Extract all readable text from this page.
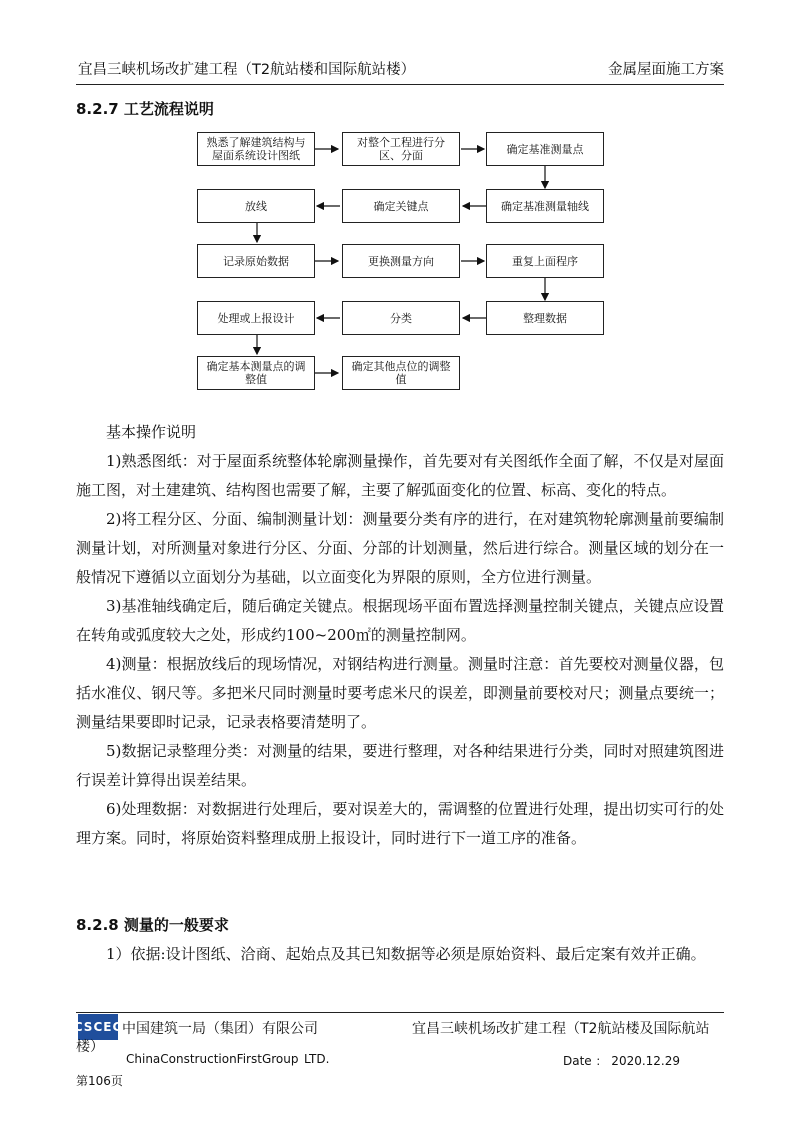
宜昌三峡机场改扩建工程（T2航站楼和国际航站楼）	金属屋面施工方案
8.2.7 工艺流程说明
熟悉了解建筑结构与屋面系统设计图纸
对整个工程进行分区、分面	确定基准测量点
放线	确定关键点	确定基准测量轴线
记录原始数据	更换测量方向	重复上面程序
处理或上报设计	分类	整理数据
确定基本测量点的调整值
确定其他点位的调整值

基本操作说明

1)熟悉图纸：对于屋面系统整体轮廓测量操作，首先要对有关图纸作全面了解，不仅是对屋面施工图，对土建建筑、结构图也需要了解，主要了解弧面变化的位置、标高、变化的特点。

2)将工程分区、分面、编制测量计划：测量要分类有序的进行，在对建筑物轮廓测量前要编制测量计划，对所测量对象进行分区、分面、分部的计划测量，然后进行综合。测量区域的划分在一般情况下遵循以立面划分为基础，以立面变化为界限的原则，全方位进行测量。

3)基准轴线确定后，随后确定关键点。根据现场平面布置选择测量控制关键点，关键点应设置在转角或弧度较大之处，形成约100~200㎡的测量控制网。

4)测量：根据放线后的现场情况，对钢结构进行测量。测量时注意：首先要校对测量仪器，包括水准仪、钢尺等。多把米尺同时测量时要考虑米尺的误差，即测量前要校对尺；测量点要统一；测量结果要即时记录，记录表格要清楚明了。

5)数据记录整理分类：对测量的结果，要进行整理，对各种结果进行分类，同时对照建筑图进行误差计算得出误差结果。

6)处理数据：对数据进行处理后，要对误差大的，需调整的位置进行处理，提出切实可行的处理方案。同时，将原始资料整理成册上报设计，同时进行下一道工序的准备。

8.2.8 测量的一般要求

1）依据:设计图纸、洽商、起始点及其已知数据等必须是原始资料、最后定案有效并正确。

CSCEC 中国建筑一局（集团）有限公司	宜昌三峡机场改扩建工程（T2航站楼及国际航站
楼）
ChinaConstructionFirstGroup LTD.	Date ： 2020.12.29
第106页
